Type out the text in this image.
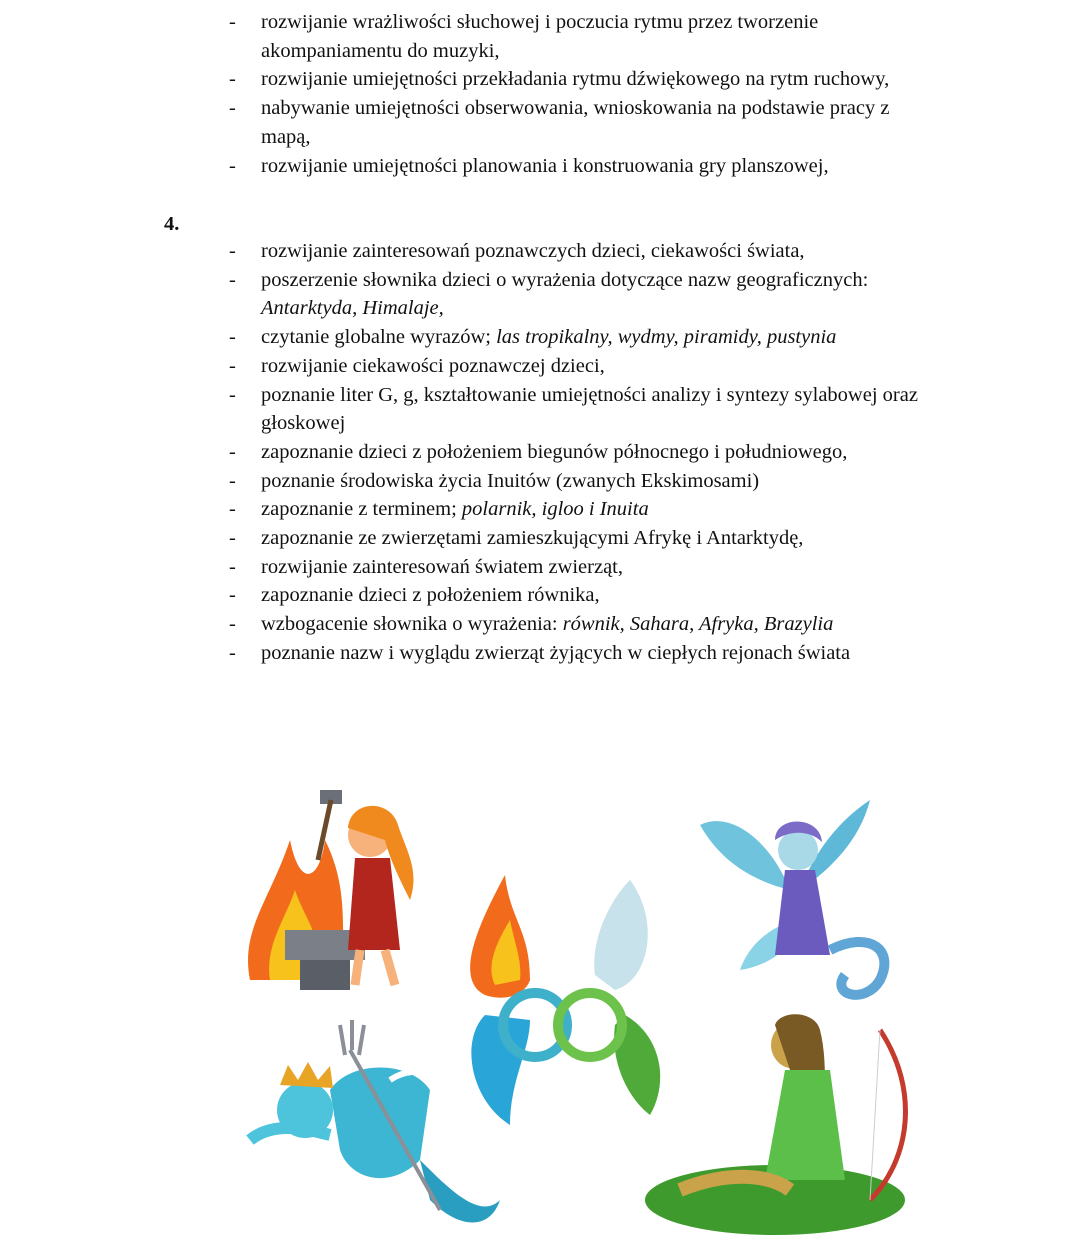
- rozwijanie wrażliwości słuchowej i poczucia rytmu przez tworzenie akompaniamentu do muzyki,
- rozwijanie umiejętności przekładania rytmu dźwiękowego na rytm ruchowy,
- nabywanie umiejętności obserwowania, wnioskowania na podstawie pracy z mapą,
- rozwijanie umiejętności planowania i konstruowania gry planszowej,
4.
- rozwijanie zainteresowań poznawczych dzieci, ciekawości świata,
- poszerzenie słownika dzieci o wyrażenia dotyczące nazw geograficznych: Antarktyda, Himalaje,
- czytanie globalne wyrazów; las tropikalny, wydmy, piramidy, pustynia
- rozwijanie ciekawości poznawczej dzieci,
- poznanie liter G, g, kształtowanie umiejętności analizy i syntezy sylabowej oraz głoskowej
- zapoznanie dzieci z położeniem biegunów północnego i południowego,
- poznanie środowiska życia Inuitów (zwanych Ekskimosami)
- zapoznanie z terminem; polarnik, igloo i Inuita
- zapoznanie ze zwierzętami zamieszkującymi Afrykę i Antarktydę,
- rozwijanie zainteresowań światem zwierząt,
- zapoznanie dzieci z położeniem równika,
- wzbogacenie słownika o wyrażenia: równik, Sahara, Afryka, Brazylia
- poznanie nazw i wyglądu zwierząt żyjących w ciepłych rejonach świata
